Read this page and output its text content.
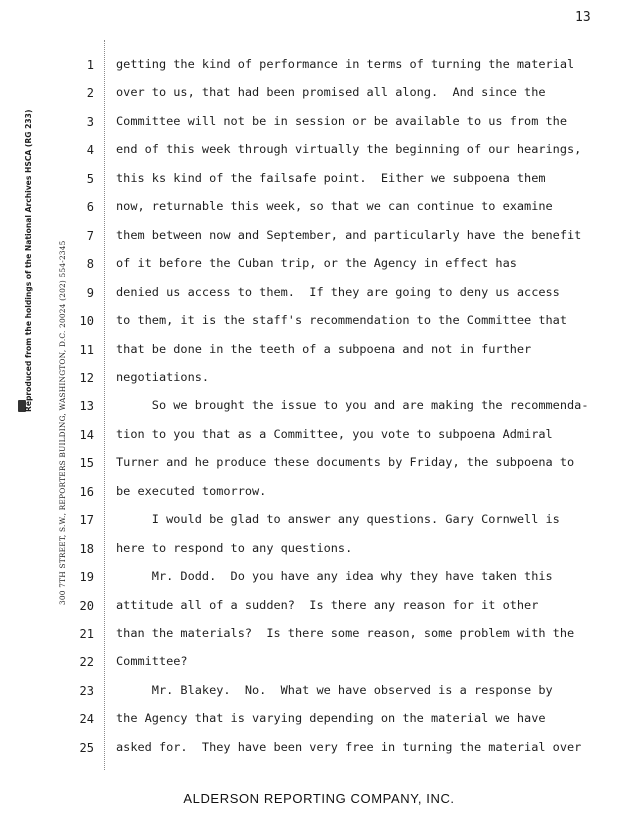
13
Reproduced from the holdings of the National Archives HSCA (RG 233)	300 7TH STREET, S.W., REPORTERS BUILDING, WASHINGTON, D.C. 20024 (202) 554-2345
1 getting the kind of performance in terms of turning the material
2 over to us, that had been promised all along.  And since the
3 Committee will not be in session or be available to us from the
4 end of this week through virtually the beginning of our hearings,
5 this ks kind of the failsafe point.  Either we subpoena them
6 now, returnable this week, so that we can continue to examine
7 them between now and September, and particularly have the benefit
8 of it before the Cuban trip, or the Agency in effect has
9 denied us access to them.  If they are going to deny us access
10 to them, it is the staff's recommendation to the Committee that
11 that be done in the teeth of a subpoena and not in further
12 negotiations.
13 So we brought the issue to you and are making the recommenda-
14 tion to you that as a Committee, you vote to subpoena Admiral
15 Turner and he produce these documents by Friday, the subpoena to
16 be executed tomorrow.
17 I would be glad to answer any questions. Gary Cornwell is
18 here to respond to any questions.
19 Mr. Dodd.  Do you have any idea why they have taken this
20 attitude all of a sudden?  Is there any reason for it other
21 than the materials?  Is there some reason, some problem with the
22 Committee?
23 Mr. Blakey.  No.  What we have observed is a response by
24 the Agency that is varying depending on the material we have
25 asked for.  They have been very free in turning the material over
ALDERSON REPORTING COMPANY, INC.
